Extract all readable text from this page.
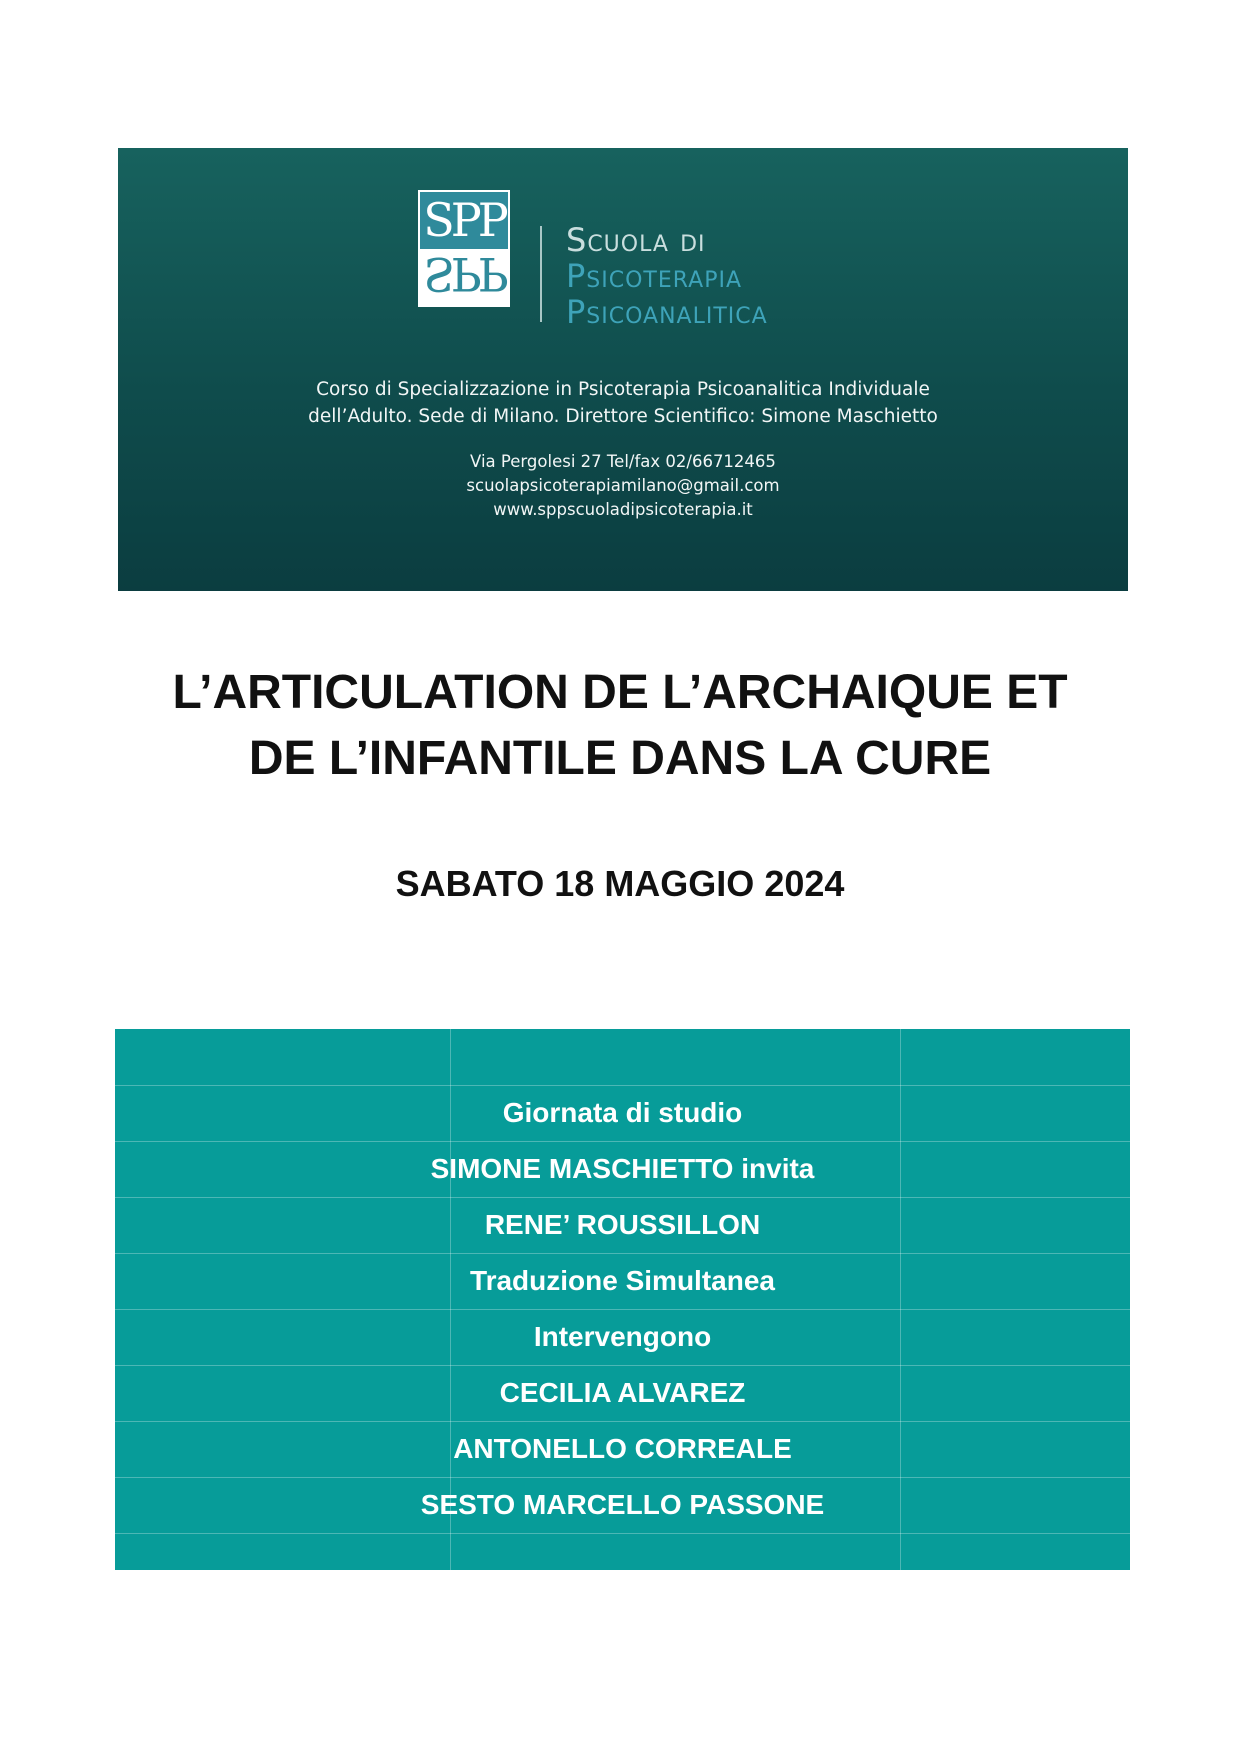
SPP
SPP
Scuola di
Psicoterapia
Psicoanalitica
Corso di Specializzazione in Psicoterapia Psicoanalitica Individuale
dell’Adulto. Sede di Milano. Direttore Scientifico: Simone Maschietto
Via Pergolesi 27 Tel/fax 02/66712465
scuolapsicoterapiamilano@gmail.com
www.sppscuoladipsicoterapia.it
L’ARTICULATION DE L’ARCHAIQUE ET
DE L’INFANTILE DANS LA CURE
SABATO 18 MAGGIO 2024
Giornata di studio
SIMONE MASCHIETTO invita
RENE’ ROUSSILLON
Traduzione Simultanea
Intervengono
CECILIA ALVAREZ
ANTONELLO CORREALE
SESTO MARCELLO PASSONE
